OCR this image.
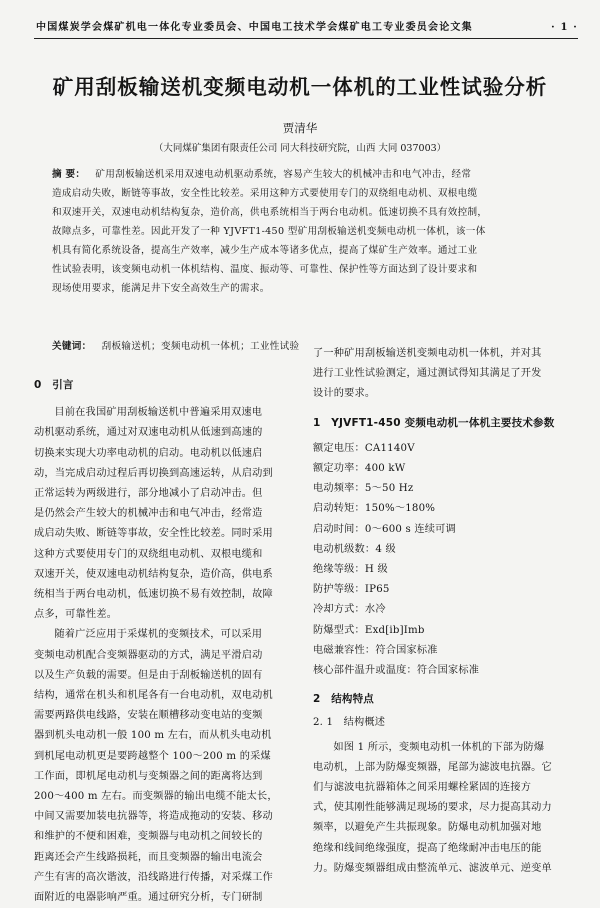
中国煤炭学会煤矿机电一体化专业委员会、中国电工技术学会煤矿电工专业委员会论文集	· 1 ·
矿用刮板输送机变频电动机一体机的工业性试验分析
贾清华
（大同煤矿集团有限责任公司 同大科技研究院，山西 大同 037003）
摘 要： 矿用刮板输送机采用双速电动机驱动系统，容易产生较大的机械冲击和电气冲击，经常
造成启动失败，断链等事故，安全性比较差。采用这种方式要使用专门的双绕组电动机、双根电缆
和双速开关，双速电动机结构复杂，造价高，供电系统相当于两台电动机。低速切换不具有效控制，
故障点多，可靠性差。因此开发了一种 YJVFT1-450 型矿用刮板输送机变频电动机一体机，该一体
机具有简化系统设备，提高生产效率，减少生产成本等诸多优点，提高了煤矿生产效率。通过工业
性试验表明，该变频电动机一体机结构、温度、振动等、可靠性、保护性等方面达到了设计要求和
现场使用要求，能满足井下安全高效生产的需求。
关键词： 刮板输送机；变频电动机一体机；工业性试验

0　引言

目前在我国矿用刮板输送机中普遍采用双速电

动机驱动系统，通过对双速电动机从低速到高速的

切换来实现大功率电动机的启动。电动机以低速启

动，当完成启动过程后再切换到高速运转，从启动到

正常运转为两级进行，部分地减小了启动冲击。但

是仍然会产生较大的机械冲击和电气冲击，经常造

成启动失败、断链等事故，安全性比较差。同时采用

这种方式要使用专门的双绕组电动机、双根电缆和

双速开关，使双速电动机结构复杂，造价高，供电系

统相当于两台电动机，低速切换不易有效控制，故障

点多，可靠性差。

随着广泛应用于采煤机的变频技术，可以采用

变频电动机配合变频器驱动的方式，满足平滑启动

以及生产负载的需要。但是由于刮板输送机的固有

结构，通常在机头和机尾各有一台电动机，双电动机

需要两路供电线路，安装在顺槽移动变电站的变频

器到机头电动机一般 100 m 左右，而从机头电动机

到机尾电动机更是要跨越整个 100～200 m 的采煤

工作面，即机尾电动机与变频器之间的距离将达到

200～400 m 左右。而变频器的输出电缆不能太长，

中间又需要加装电抗器等，将造成拖动的安装、移动

和维护的不便和困难，变频器与电动机之间较长的

距离还会产生线路损耗，而且变频器的输出电流会

产生有害的高次谐波，沿线路进行传播，对采煤工作

面附近的电器影响严重。通过研究分析，专门研制

了一种矿用刮板输送机变频电动机一体机，并对其

进行工业性试验测定，通过测试得知其满足了开发

设计的要求。

1　YJVFT1-450 变频电动机一体机主要技术参数

额定电压：CA1140V

额定功率：400 kW

电动频率：5～50 Hz

启动转矩：150%～180%

启动时间：0～600 s 连续可调

电动机级数：4 级

绝缘等级：H 级

防护等级：IP65

冷却方式：水冷

防爆型式：Exd[ib]Imb

电磁兼容性：符合国家标准

核心部件温升或温度：符合国家标准

2　结构特点

2. 1　结构概述

如图 1 所示，变频电动机一体机的下部为防爆

电动机，上部为防爆变频器，尾部为滤波电抗器。它

们与滤波电抗器箱体之间采用螺栓紧固的连接方

式，使其刚性能够满足现场的要求，尽力提高其动力

频率，以避免产生共振现象。防爆电动机加强对地

绝缘和线间绝缘强度，提高了绝缘耐冲击电压的能

力。防爆变频器组成由整流单元、滤波单元、逆变单
